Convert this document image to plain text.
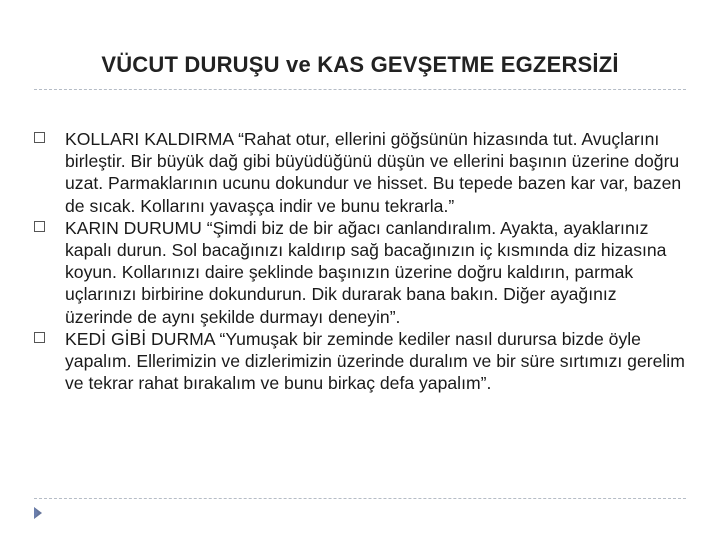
VÜCUT DURUŞU ve KAS GEVŞETME EGZERSİZİ
KOLLARI KALDIRMA “Rahat otur, ellerini göğsünün hizasında tut. Avuçlarını birleştir. Bir büyük dağ gibi büyüdüğünü düşün ve ellerini başının üzerine doğru uzat. Parmaklarının ucunu dokundur ve hisset. Bu tepede bazen kar var, bazen de sıcak. Kollarını yavaşça indir ve bunu tekrarla.”
KARIN DURUMU “Şimdi biz de bir ağacı canlandıralım. Ayakta, ayaklarınız kapalı durun. Sol bacağınızı kaldırıp sağ bacağınızın iç kısmında diz hizasına koyun. Kollarınızı daire şeklinde başınızın üzerine doğru kaldırın, parmak uçlarınızı birbirine dokundurun. Dik durarak bana bakın. Diğer ayağınız üzerinde de aynı şekilde durmayı deneyin”.
KEDİ GİBİ DURMA “Yumuşak bir zeminde kediler nasıl durursa bizde öyle yapalım. Ellerimizin ve dizlerimizin üzerinde duralım ve bir süre sırtımızı gerelim ve tekrar rahat bırakalım ve bunu birkaç defa yapalım”.
